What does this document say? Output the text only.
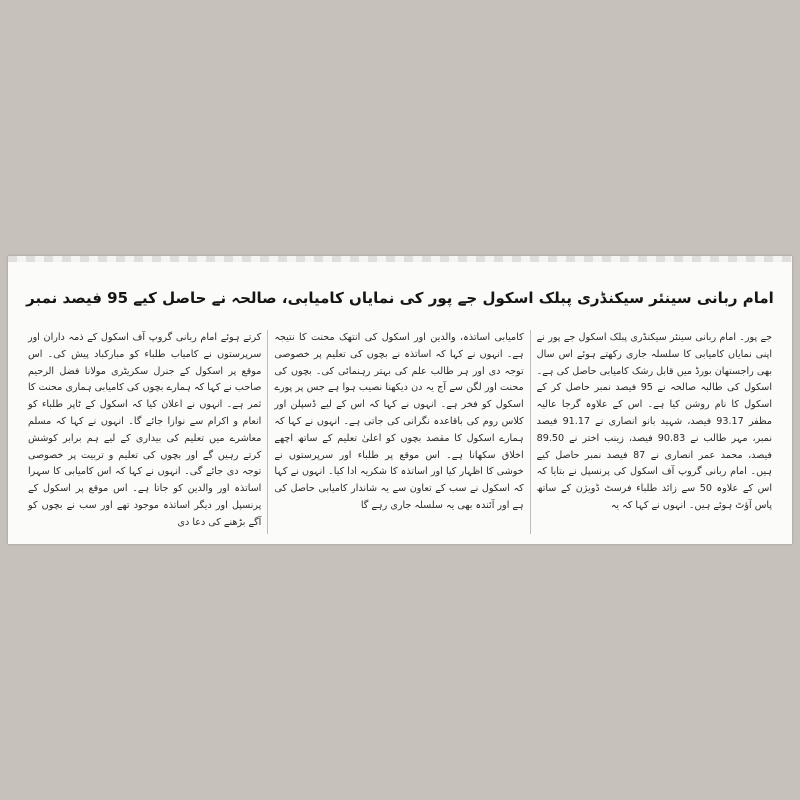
امام ربانی سینئر سیکنڈری پبلک اسکول جے پور کی نمایاں کامیابی، صالحہ نے حاصل کیے 95 فیصد نمبر
جے پور۔ امام ربانی سینئر سیکنڈری پبلک اسکول جے پور نے اپنی نمایاں کامیابی کا سلسلہ جاری رکھتے ہوئے اس سال بھی راجستھان بورڈ میں قابل رشک کامیابی حاصل کی ہے۔ اسکول کی طالبہ صالحہ نے 95 فیصد نمبر حاصل کر کے اسکول کا نام روشن کیا ہے۔ اس کے علاوہ گرجا عالیہ مظفر 93.17 فیصد، شہید بانو انصاری نے 91.17 فیصد نمبر، مہر طالب نے 90.83 فیصد، زینب اختر نے 89.50 فیصد، محمد عمر انصاری نے 87 فیصد نمبر حاصل کیے ہیں۔ امام ربانی گروپ آف اسکول کی پرنسپل نے بتایا کہ اس کے علاوہ 50 سے زائد طلباء فرسٹ ڈویژن کے ساتھ پاس آؤٹ ہوئے ہیں۔ انہوں نے کہا کہ یہ
کامیابی اساتذہ، والدین اور اسکول کی انتھک محنت کا نتیجہ ہے۔ انہوں نے کہا کہ اساتذہ نے بچوں کی تعلیم پر خصوصی توجہ دی اور ہر طالب علم کی بہتر رہنمائی کی۔ بچوں کی محنت اور لگن سے آج یہ دن دیکھنا نصیب ہوا ہے جس پر پورے اسکول کو فخر ہے۔ انہوں نے کہا کہ اس کے لیے ڈسپلن اور کلاس روم کی باقاعدہ نگرانی کی جاتی ہے۔ انہوں نے کہا کہ ہمارے اسکول کا مقصد بچوں کو اعلیٰ تعلیم کے ساتھ اچھے اخلاق سکھانا ہے۔ اس موقع پر طلباء اور سرپرستوں نے خوشی کا اظہار کیا اور اساتذہ کا شکریہ ادا کیا۔ انہوں نے کہا کہ اسکول نے سب کے تعاون سے یہ شاندار کامیابی حاصل کی ہے اور آئندہ بھی یہ سلسلہ جاری رہے گا
کرتے ہوئے امام ربانی گروپ آف اسکول کے ذمہ داران اور سرپرستوں نے کامیاب طلباء کو مبارکباد پیش کی۔ اس موقع پر اسکول کے جنرل سکریٹری مولانا فضل الرحیم صاحب نے کہا کہ ہمارے بچوں کی کامیابی ہماری محنت کا ثمر ہے۔ انہوں نے اعلان کیا کہ اسکول کے ٹاپر طلباء کو انعام و اکرام سے نوازا جائے گا۔ انہوں نے کہا کہ مسلم معاشرے میں تعلیم کی بیداری کے لیے ہم برابر کوشش کرتے رہیں گے اور بچوں کی تعلیم و تربیت پر خصوصی توجہ دی جائے گی۔ انہوں نے کہا کہ اس کامیابی کا سہرا اساتذہ اور والدین کو جاتا ہے۔ اس موقع پر اسکول کے پرنسپل اور دیگر اساتذہ موجود تھے اور سب نے بچوں کو آگے بڑھنے کی دعا دی
